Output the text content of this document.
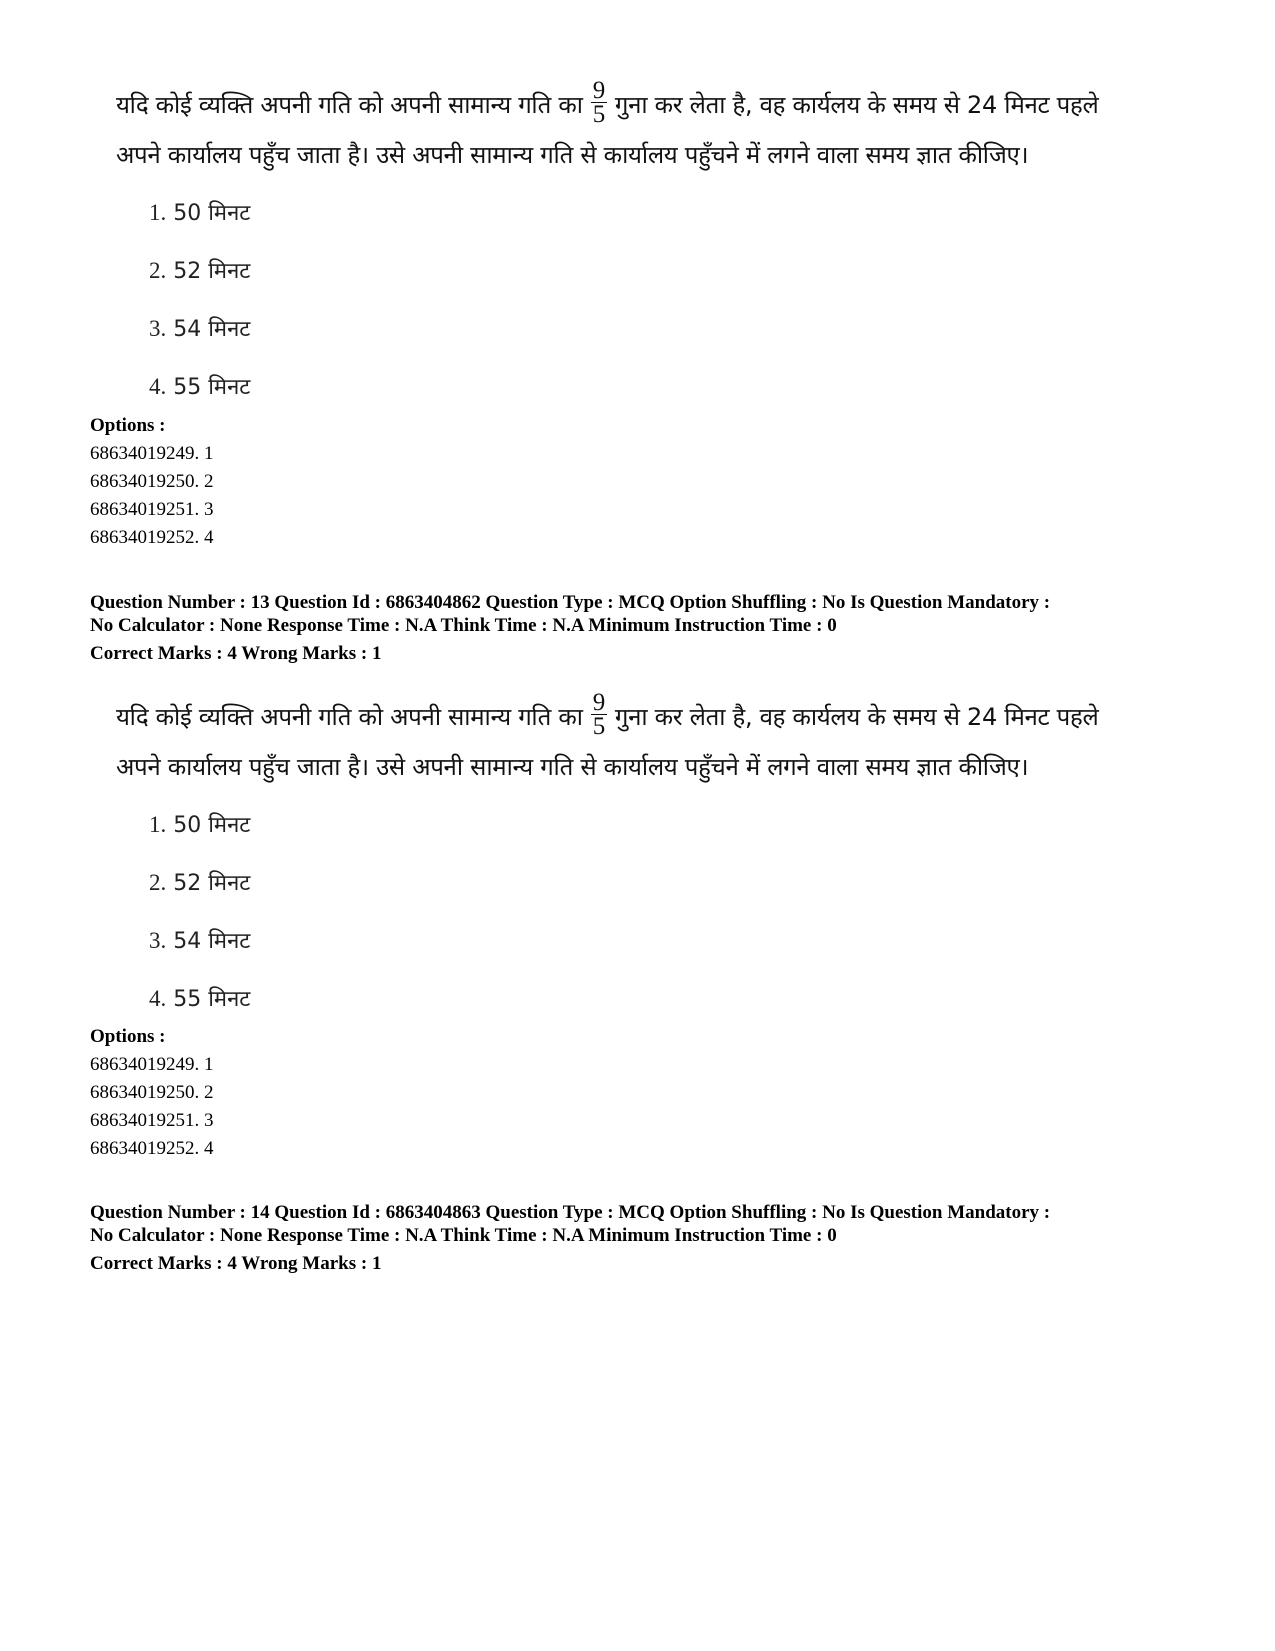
यदि कोई व्यक्ति अपनी गति को अपनी सामान्य गति का $\frac{9}{5}$ गुना कर लेता है, वह कार्यलय के समय से 24 मिनट पहले
अपने कार्यालय पहुँच जाता है। उसे अपनी सामान्य गति से कार्यालय पहुँचने में लगने वाला समय ज्ञात कीजिए।
1. 50 मिनट
2. 52 मिनट
3. 54 मिनट
4. 55 मिनट
Options :
68634019249. 1
68634019250. 2
68634019251. 3
68634019252. 4
Question Number : 13 Question Id : 6863404862 Question Type : MCQ Option Shuffling : No Is Question Mandatory :
No Calculator : None Response Time : N.A Think Time : N.A Minimum Instruction Time : 0
Correct Marks : 4 Wrong Marks : 1
यदि कोई व्यक्ति अपनी गति को अपनी सामान्य गति का $\frac{9}{5}$ गुना कर लेता है, वह कार्यलय के समय से 24 मिनट पहले
अपने कार्यालय पहुँच जाता है। उसे अपनी सामान्य गति से कार्यालय पहुँचने में लगने वाला समय ज्ञात कीजिए।
1. 50 मिनट
2. 52 मिनट
3. 54 मिनट
4. 55 मिनट
Options :
68634019249. 1
68634019250. 2
68634019251. 3
68634019252. 4
Question Number : 14 Question Id : 6863404863 Question Type : MCQ Option Shuffling : No Is Question Mandatory :
No Calculator : None Response Time : N.A Think Time : N.A Minimum Instruction Time : 0
Correct Marks : 4 Wrong Marks : 1
